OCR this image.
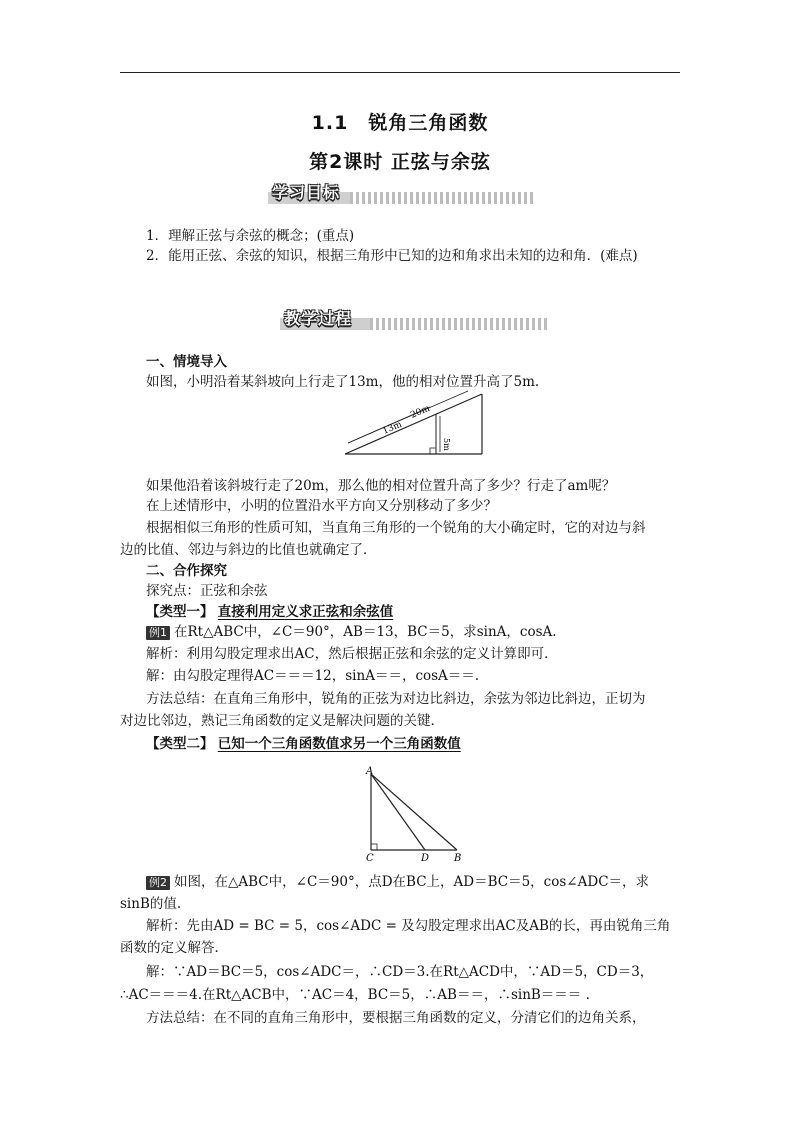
1.1　锐角三角函数
第2课时 正弦与余弦
学习目标
1．理解正弦与余弦的概念；(重点)
2．能用正弦、余弦的知识，根据三角形中已知的边和角求出未知的边和角．(难点)
教学过程
一、情境导入
如图，小明沿着某斜坡向上行走了13m，他的相对位置升高了5m.
20m
13m
5m
如果他沿着该斜坡行走了20m，那么他的相对位置升高了多少？行走了am呢？
在上述情形中，小明的位置沿水平方向又分别移动了多少？
根据相似三角形的性质可知，当直角三角形的一个锐角的大小确定时，它的对边与斜
边的比值、邻边与斜边的比值也就确定了．
二、合作探究
探究点：正弦和余弦
【类型一】 直接利用定义求正弦和余弦值
例1 在Rt△ABC中，∠C＝90°，AB＝13，BC＝5，求sinA，cosA.
解析：利用勾股定理求出AC，然后根据正弦和余弦的定义计算即可．
解：由勾股定理得AC＝＝＝12，sinA＝＝，cosA＝＝.
方法总结：在直角三角形中，锐角的正弦为对边比斜边，余弦为邻边比斜边，正切为
对边比邻边，熟记三角函数的定义是解决问题的关键．
【类型二】 已知一个三角函数值求另一个三角函数值
A
C	D B
例2 如图，在△ABC中，∠C＝90°，点D在BC上，AD＝BC＝5，cos∠ADC＝，求
sinB的值.
解析：先由AD = BC = 5，cos∠ADC = 及勾股定理求出AC及AB的长，再由锐角三角
函数的定义解答．
解：∵AD＝BC＝5，cos∠ADC＝，∴CD＝3.在Rt△ACD中，∵AD＝5，CD＝3，
∴AC＝＝＝4.在Rt△ACB中，∵AC＝4，BC＝5，∴AB＝＝，∴sinB＝＝＝ .
方法总结：在不同的直角三角形中，要根据三角函数的定义，分清它们的边角关系，
